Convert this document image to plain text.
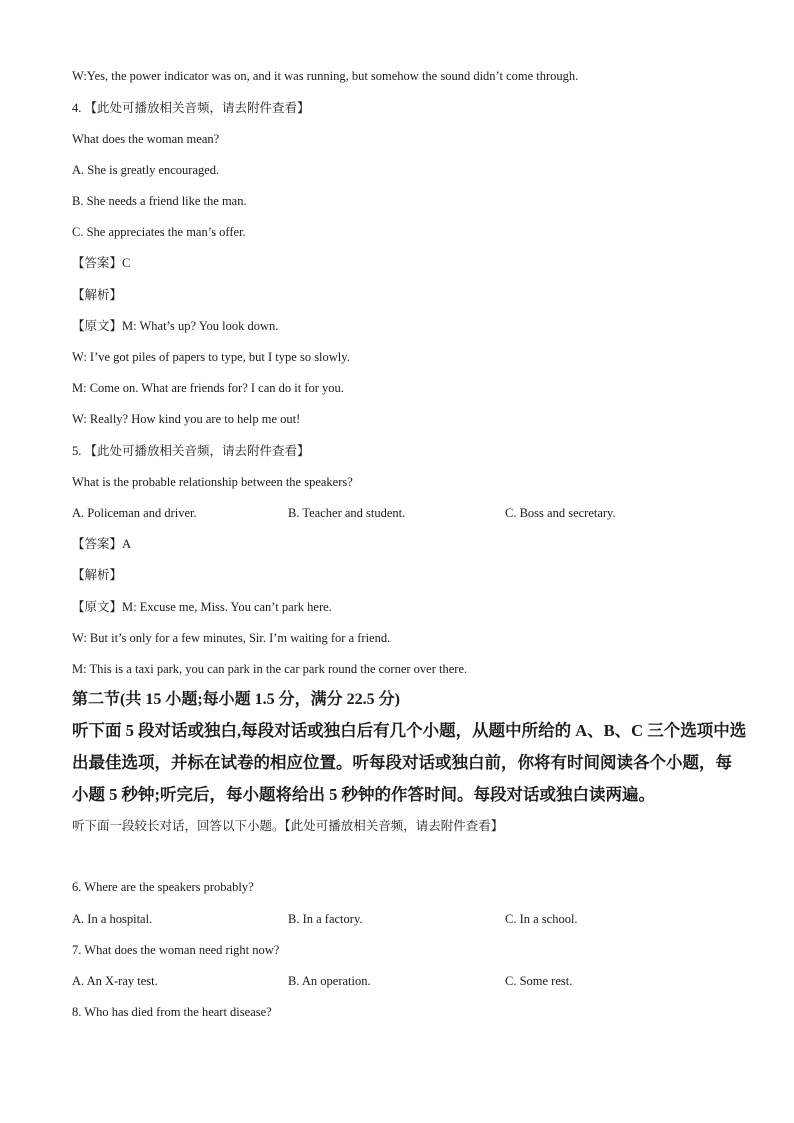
W:Yes, the power indicator was on, and it was running, but somehow the sound didn’t come through.
4. 【此处可播放相关音频，请去附件查看】
What does the woman mean?
A. She is greatly encouraged.
B. She needs a friend like the man.
C. She appreciates the man’s offer.
【答案】C
【解析】
【原文】M: What’s up? You look down.
W: I’ve got piles of papers to type, but I type so slowly.
M: Come on. What are friends for? I can do it for you.
W: Really? How kind you are to help me out!
5. 【此处可播放相关音频，请去附件查看】
What is the probable relationship between the speakers?
A. Policeman and driver.	B. Teacher and student.	C. Boss and secretary.
【答案】A
【解析】
【原文】M: Excuse me, Miss. You can’t park here.
W: But it’s only for a few minutes, Sir. I’m waiting for a friend.
M: This is a taxi park, you can park in the car park round the corner over there.
第二节(共 15 小题;每小题 1.5 分，满分 22.5 分)
听下面 5 段对话或独白,每段对话或独白后有几个小题，从题中所给的 A、B、C 三个选项中选
出最佳选项，并标在试卷的相应位置。听每段对话或独白前，你将有时间阅读各个小题，每
小题 5 秒钟;听完后，每小题将给出 5 秒钟的作答时间。每段对话或独白读两遍。
听下面一段较长对话，回答以下小题。【此处可播放相关音频，请去附件查看】
6. Where are the speakers probably?
A. In a hospital.	B. In a factory.	C. In a school.
7. What does the woman need right now?
A. An X-ray test.	B. An operation.	C. Some rest.
8. Who has died from the heart disease?
